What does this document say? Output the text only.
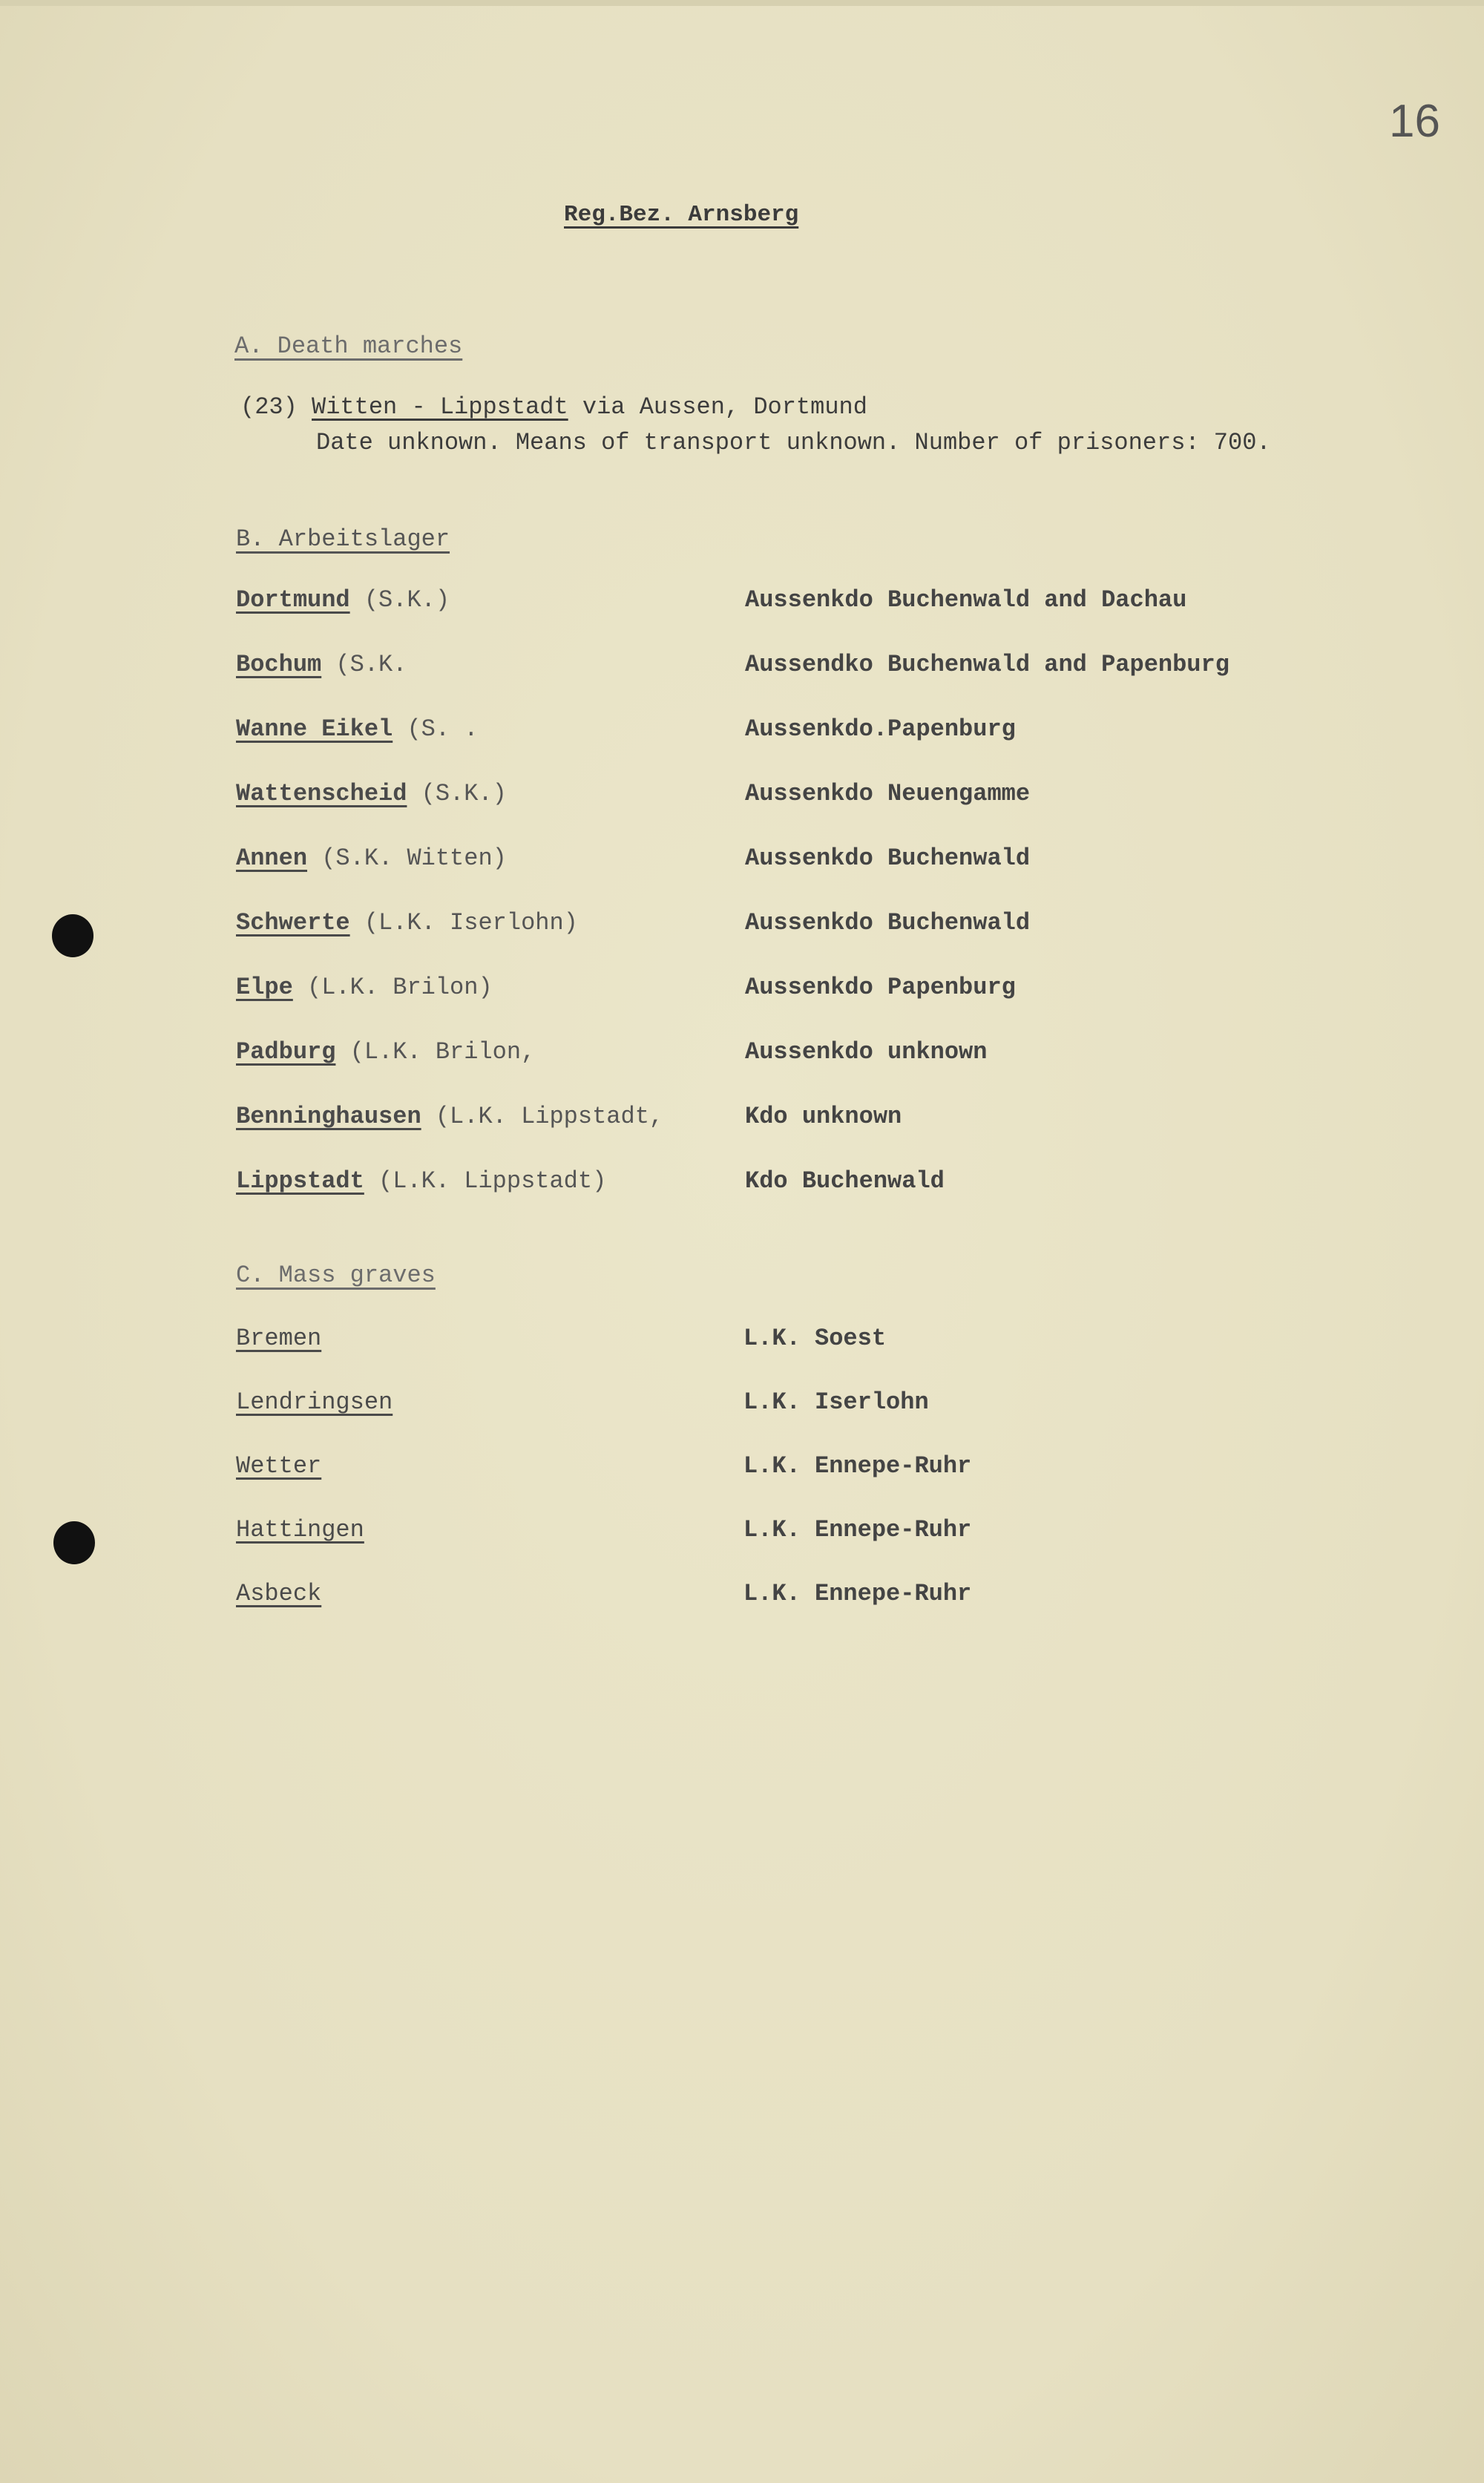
16
Reg.Bez. Arnsberg
A. Death marches
(23) Witten - Lippstadt via Aussen, Dortmund
Date unknown. Means of transport unknown. Number of prisoners: 700.
B. Arbeitslager
Dortmund (S.K.)	Aussenkdo Buchenwald and Dachau
Bochum (S.K.	Aussendko Buchenwald and Papenburg
Wanne Eikel (S. .	Aussenkdo.Papenburg
Wattenscheid (S.K.)	Aussenkdo Neuengamme
Annen (S.K. Witten)	Aussenkdo Buchenwald
Schwerte (L.K. Iserlohn)	Aussenkdo Buchenwald
Elpe (L.K. Brilon)	Aussenkdo Papenburg
Padburg (L.K. Brilon,	Aussenkdo unknown
Benninghausen (L.K. Lippstadt,	Kdo unknown
Lippstadt (L.K. Lippstadt)	Kdo Buchenwald
C. Mass graves
Bremen	L.K. Soest
Lendringsen	L.K. Iserlohn
Wetter	L.K. Ennepe-Ruhr
Hattingen	L.K. Ennepe-Ruhr
Asbeck	L.K. Ennepe-Ruhr
